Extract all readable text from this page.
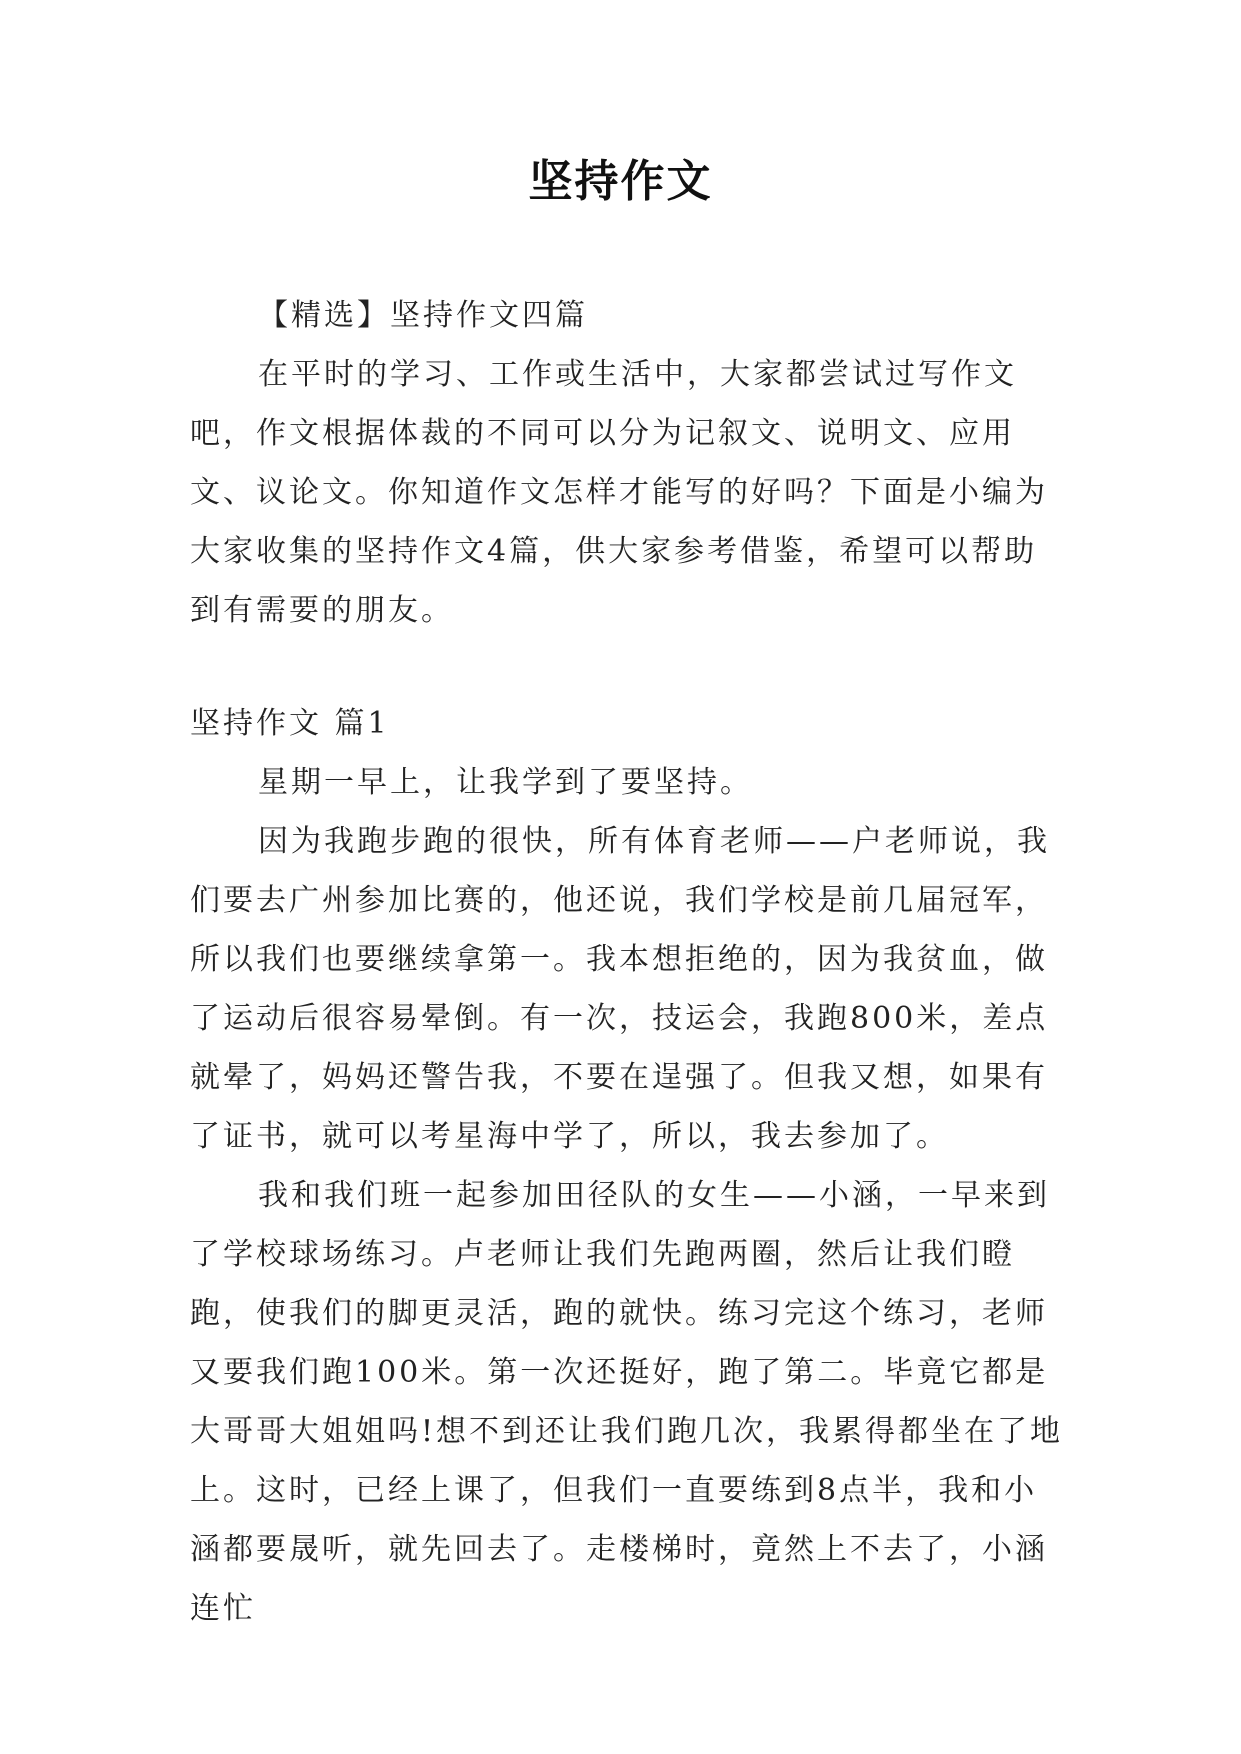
坚持作文
【精选】坚持作文四篇

在平时的学习、工作或生活中，大家都尝试过写作文吧，作文根据体裁的不同可以分为记叙文、说明文、应用文、议论文。你知道作文怎样才能写的好吗？下面是小编为大家收集的坚持作文4篇，供大家参考借鉴，希望可以帮助到有需要的朋友。

坚持作文 篇1

星期一早上，让我学到了要坚持。

因为我跑步跑的很快，所有体育老师——户老师说，我们要去广州参加比赛的，他还说，我们学校是前几届冠军，所以我们也要继续拿第一。我本想拒绝的，因为我贫血，做了运动后很容易晕倒。有一次，技运会，我跑800米，差点就晕了，妈妈还警告我，不要在逞强了。但我又想，如果有了证书，就可以考星海中学了，所以，我去参加了。

我和我们班一起参加田径队的女生——小涵，一早来到了学校球场练习。卢老师让我们先跑两圈，然后让我们瞪跑，使我们的脚更灵活，跑的就快。练习完这个练习，老师又要我们跑100米。第一次还挺好，跑了第二。毕竟它都是大哥哥大姐姐吗!想不到还让我们跑几次，我累得都坐在了地上。这时，已经上课了，但我们一直要练到8点半，我和小涵都要晟听，就先回去了。走楼梯时，竟然上不去了，小涵连忙
